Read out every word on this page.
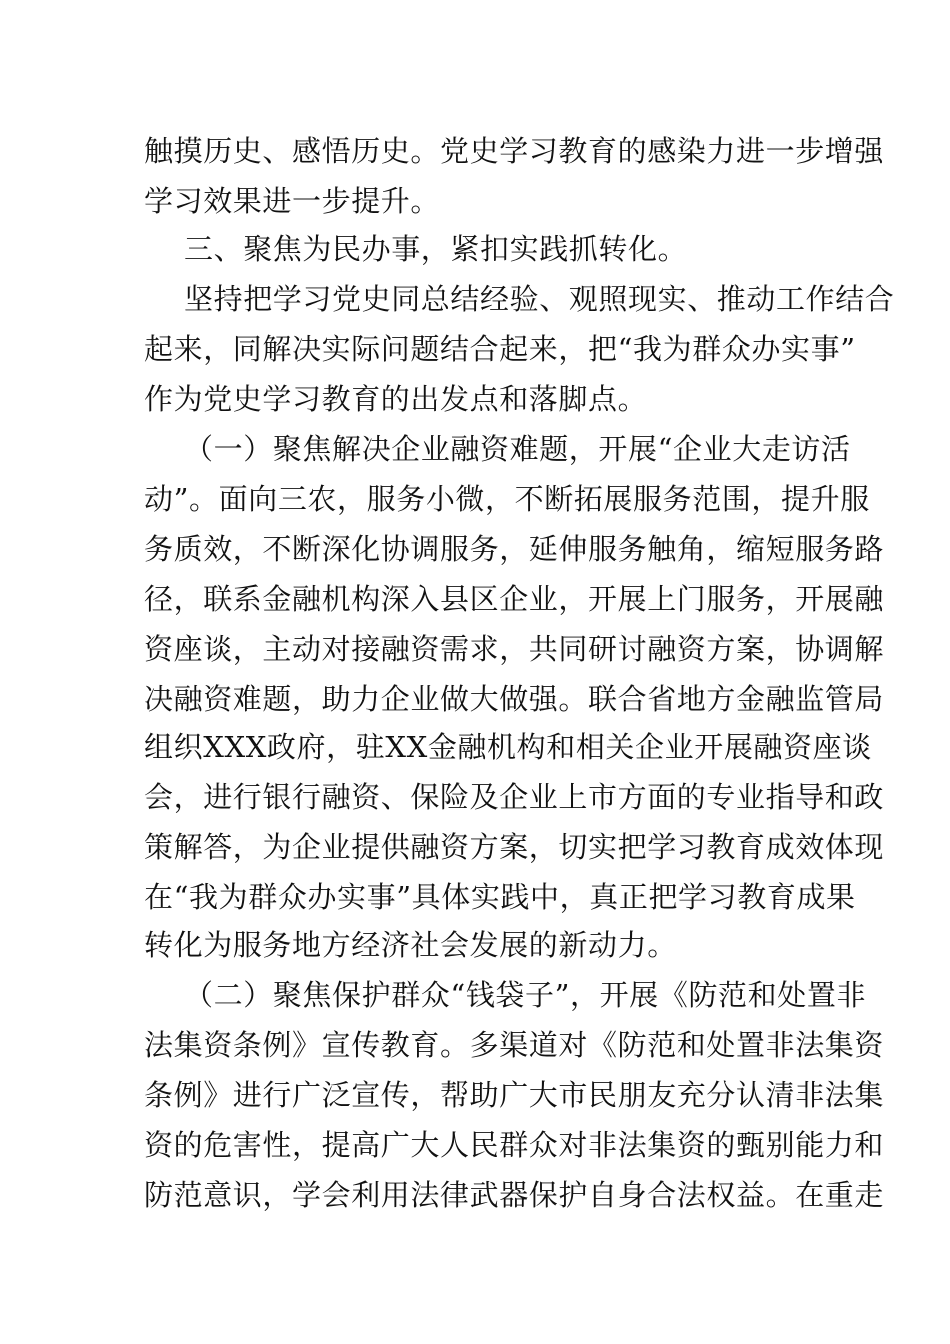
触摸历史、感悟历史。党史学习教育的感染力进一步增强
学习效果进一步提升。
三、聚焦为民办事，紧扣实践抓转化。
坚持把学习党史同总结经验、观照现实、推动工作结合
起来，同解决实际问题结合起来，把“我为群众办实事”
作为党史学习教育的出发点和落脚点。
（一）聚焦解决企业融资难题，开展“企业大走访活
动”。面向三农，服务小微，不断拓展服务范围，提升服
务质效，不断深化协调服务，延伸服务触角，缩短服务路
径，联系金融机构深入县区企业，开展上门服务，开展融
资座谈，主动对接融资需求，共同研讨融资方案，协调解
决融资难题，助力企业做大做强。联合省地方金融监管局
组织XXX政府，驻XX金融机构和相关企业开展融资座谈
会，进行银行融资、保险及企业上市方面的专业指导和政
策解答，为企业提供融资方案，切实把学习教育成效体现
在“我为群众办实事”具体实践中，真正把学习教育成果
转化为服务地方经济社会发展的新动力。
（二）聚焦保护群众“钱袋子”，开展《防范和处置非
法集资条例》宣传教育。多渠道对《防范和处置非法集资
条例》进行广泛宣传，帮助广大市民朋友充分认清非法集
资的危害性，提高广大人民群众对非法集资的甄别能力和
防范意识，学会利用法律武器保护自身合法权益。在重走
